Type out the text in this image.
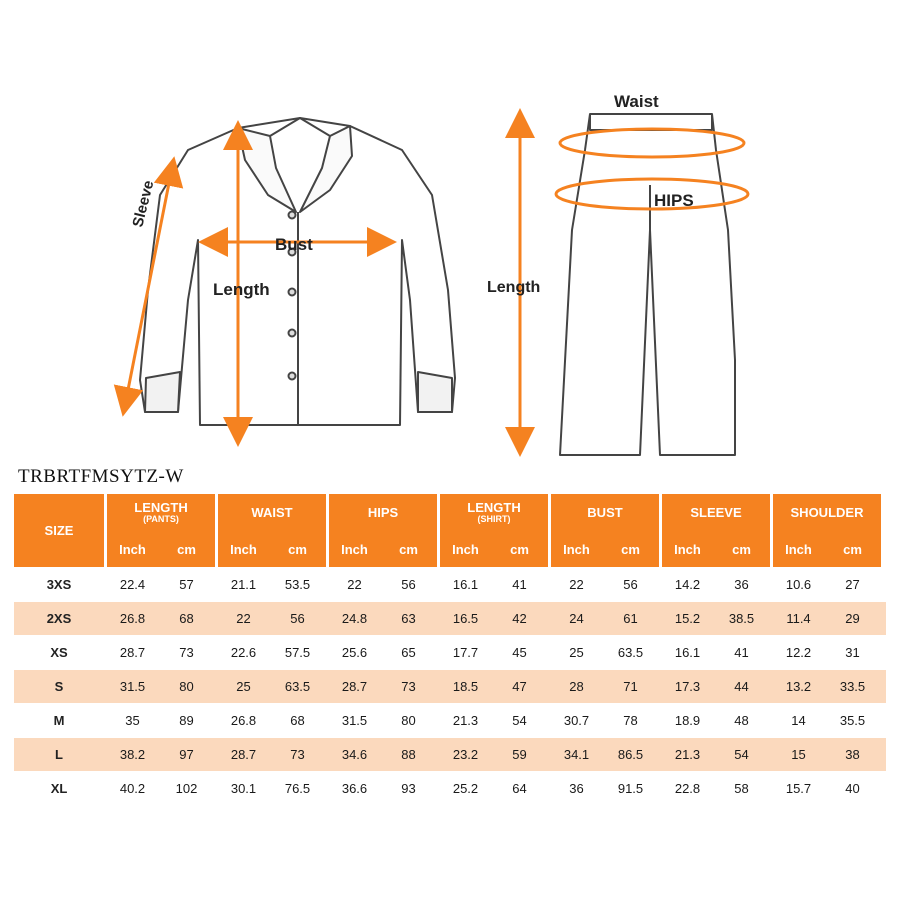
Sleeve
Bust
Length
Waist
HIPS
Length
TRBRTFMSYTZ-W
SIZE
LENGTH
(PANTS)
Inch	cm
WAIST
Inch	cm
HIPS
Inch	cm
LENGTH
(SHIRT)
Inch	cm
BUST
Inch	cm
SLEEVE
Inch	cm
SHOULDER
Inch	cm
3XS	22.4	57	21.1	53.5	22	56	16.1	41	22	56	14.2	36	10.6	27
2XS	26.8	68	22	56	24.8	63	16.5	42	24	61	15.2	38.5	11.4	29
XS	28.7	73	22.6	57.5	25.6	65	17.7	45	25	63.5	16.1	41	12.2	31
S	31.5	80	25	63.5	28.7	73	18.5	47	28	71	17.3	44	13.2	33.5
M	35	89	26.8	68	31.5	80	21.3	54	30.7	78	18.9	48	14	35.5
L	38.2	97	28.7	73	34.6	88	23.2	59	34.1	86.5	21.3	54	15	38
XL	40.2	102	30.1	76.5	36.6	93	25.2	64	36	91.5	22.8	58	15.7	40
